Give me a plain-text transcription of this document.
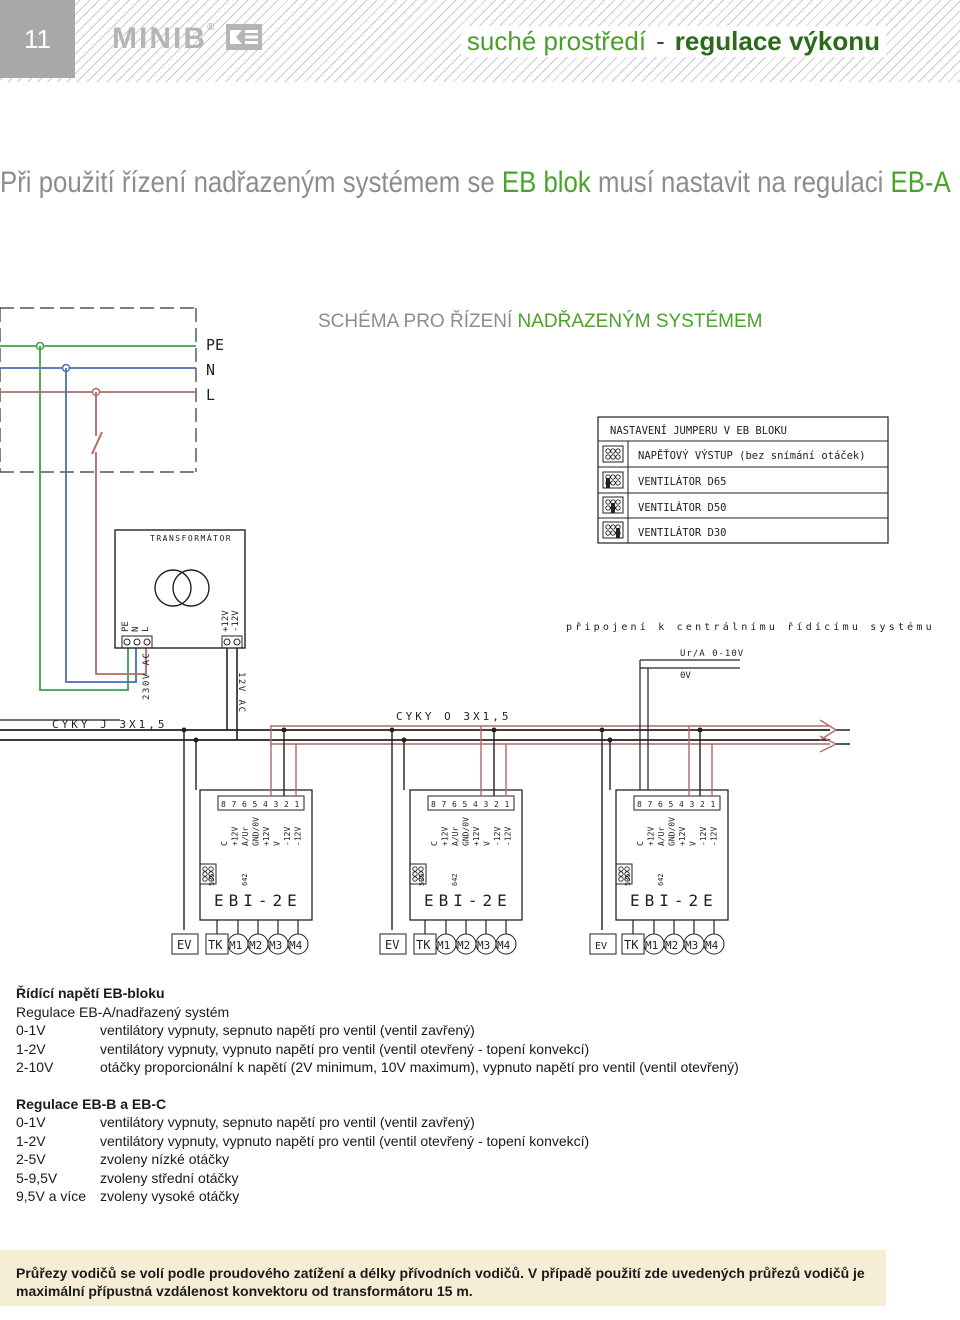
11	MINIB®	suché prostředí - regulace výkonu
Při použití řízení nadřazeným systémem se EB blok musí nastavit na regulaci EB-A
PE
N
L
TRANSFORMÁTOR
PE N L	+12V -12V
230V AC	12V AC
CYKY J 3X1,5
CYKY O 3X1,5
připojení k centrálnímu řídícímu systému
Ur/A 0-10V
0V
NASTAVENÍ JUMPERU V EB BLOKU
NAPĚŤOVÝ VÝSTUP (bez snímání otáček)
VENTILÁTOR D65
VENTILÁTOR D50
VENTILÁTOR D30
8 7 6 5 4 3 2 1
C +12V A/Ur GND/0V +12V V -12V -12V
535	642
EBI-2E
8 7 6 5 4 3 2 1
C +12V A/Ur GND/0V +12V V -12V -12V
535	642
EBI-2E
8 7 6 5 4 3 2 1
C +12V A/Ur GND/0V +12V V -12V -12V
535	642
EBI-2E
EV TK M1 M2 M3 M4	EV TK M1 M2 M3 M4	EV TK M1 M2 M3 M4
SCHÉMA PRO ŘÍZENÍ NADŘAZENÝM SYSTÉMEM
Řídící napětí EB-bloku
Regulace EB-A/nadřazený systém
0-1V	ventilátory vypnuty, sepnuto napětí pro ventil (ventil zavřený)
1-2V	ventilátory vypnuty, vypnuto napětí pro ventil (ventil otevřený - topení konvekcí)
2-10V	otáčky proporcionální k napětí (2V minimum, 10V maximum), vypnuto napětí pro ventil (ventil otevřený)
Regulace EB-B a EB-C
0-1V	ventilátory vypnuty, sepnuto napětí pro ventil (ventil zavřený)
1-2V	ventilátory vypnuty, vypnuto napětí pro ventil (ventil otevřený - topení konvekcí)
2-5V	zvoleny nízké otáčky
5-9,5V	zvoleny střední otáčky
9,5V a více zvoleny vysoké otáčky
Průřezy vodičů se volí podle proudového zatížení a délky přívodních vodičů. V případě použití zde uvedených průřezů vodičů je
maximální přípustná vzdálenost konvektoru od transformátoru 15 m.
